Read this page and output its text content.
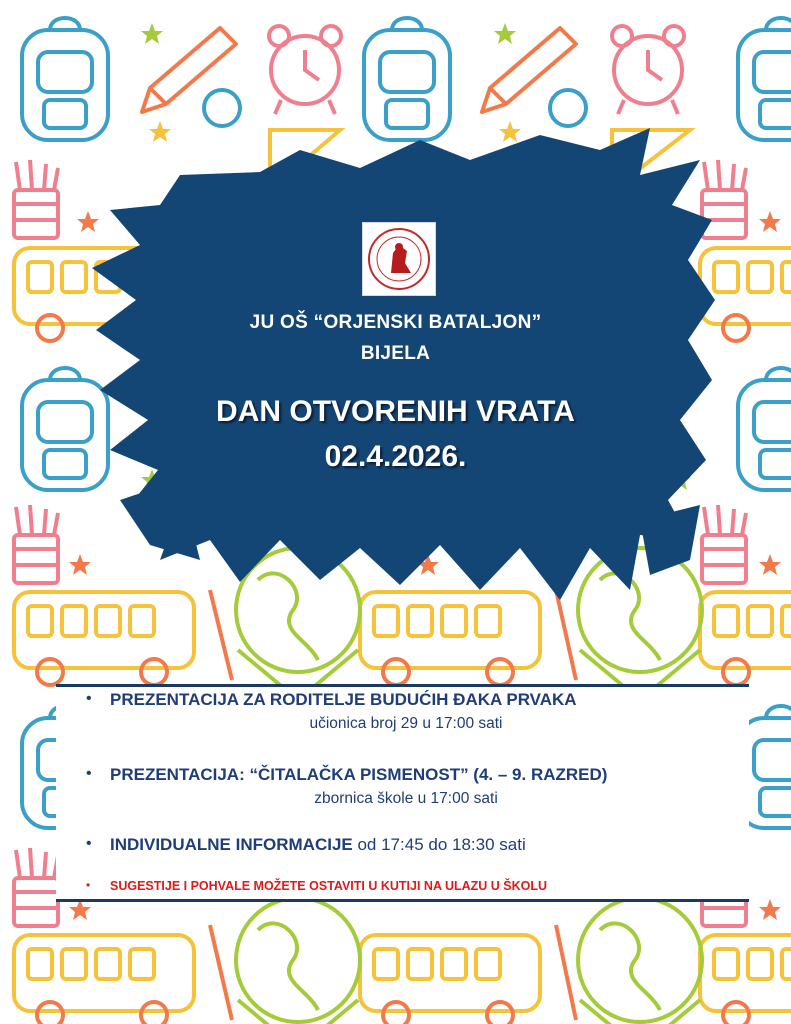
JU OŠ “ORJENSKI BATALJON”
BIJELA
DAN OTVORENIH VRATA
02.4.2026.
• PREZENTACIJA ZA RODITELJE BUDUĆIH ĐAKA PRVAKA
učionica broj 29 u 17:00 sati
• PREZENTACIJA: “ČITALAČKA PISMENOST” (4. – 9. RAZRED)
zbornica škole u 17:00 sati
• INDIVIDUALNE INFORMACIJE od 17:45 do 18:30 sati
• SUGESTIJE I POHVALE MOŽETE OSTAVITI U KUTIJI NA ULAZU U ŠKOLU
